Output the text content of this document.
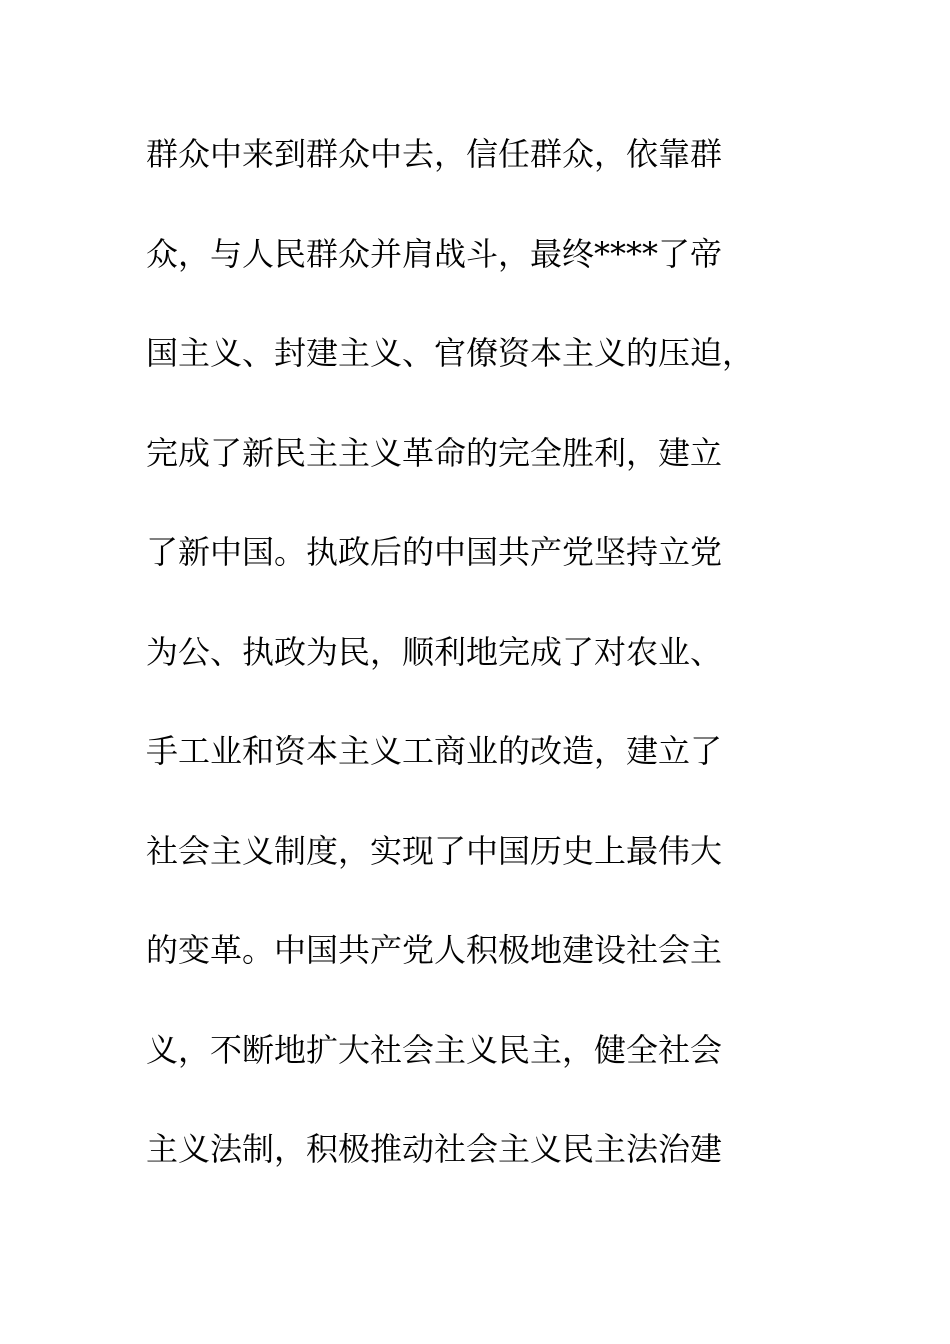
群众中来到群众中去，信任群众，依靠群
众，与人民群众并肩战斗，最终****了帝
国主义、封建主义、官僚资本主义的压迫，
完成了新民主主义革命的完全胜利，建立
了新中国。执政后的中国共产党坚持立党
为公、执政为民，顺利地完成了对农业、
手工业和资本主义工商业的改造，建立了
社会主义制度，实现了中国历史上最伟大
的变革。中国共产党人积极地建设社会主
义，不断地扩大社会主义民主，健全社会
主义法制，积极推动社会主义民主法治建
